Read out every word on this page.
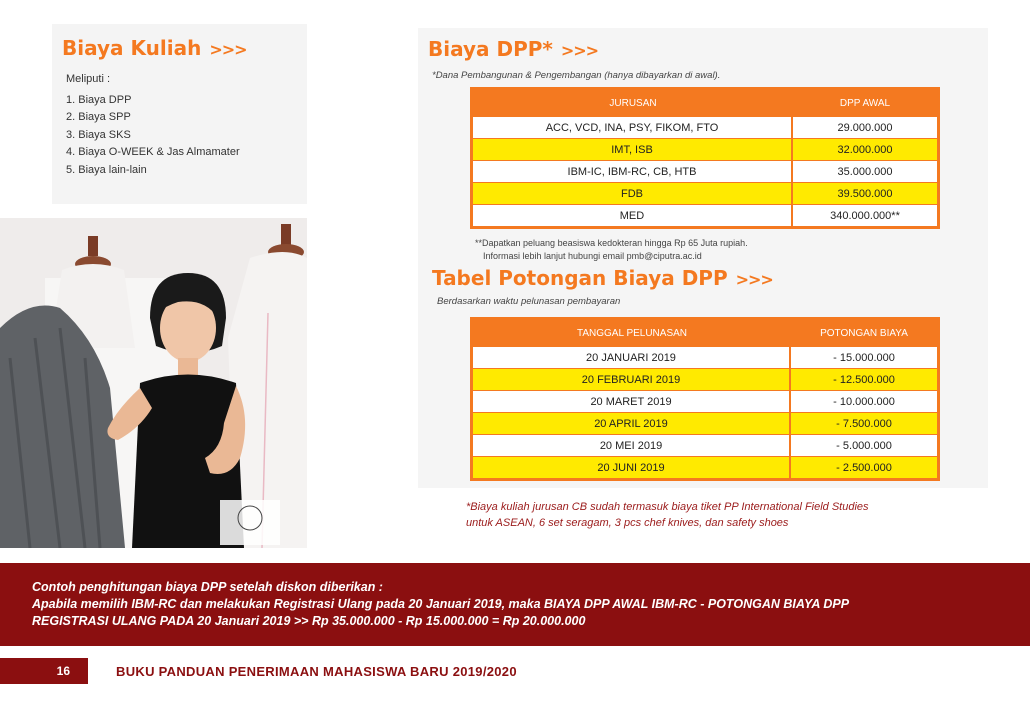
Biaya Kuliah >>>
Meliputi :
1. Biaya DPP
2. Biaya SPP
3. Biaya SKS
4. Biaya O-WEEK & Jas Almamater
5. Biaya lain-lain
Biaya DPP* >>>
*Dana Pembangunan & Pengembangan (hanya dibayarkan di awal).
JURUSAN	DPP AWAL
ACC, VCD, INA, PSY, FIKOM, FTO	29.000.000
IMT, ISB	32.000.000
IBM-IC, IBM-RC, CB, HTB	35.000.000
FDB	39.500.000
MED	340.000.000**
**Dapatkan peluang beasiswa kedokteran hingga Rp 65 Juta rupiah.
Informasi lebih lanjut hubungi email pmb@ciputra.ac.id
Tabel Potongan Biaya DPP >>>
Berdasarkan waktu pelunasan pembayaran
TANGGAL PELUNASAN	POTONGAN BIAYA
20 JANUARI 2019	- 15.000.000
20 FEBRUARI 2019	- 12.500.000
20 MARET 2019	- 10.000.000
20 APRIL 2019	- 7.500.000
20 MEI 2019	- 5.000.000
20 JUNI 2019	- 2.500.000
*Biaya kuliah jurusan CB sudah termasuk biaya tiket PP International Field Studies
untuk ASEAN, 6 set seragam, 3 pcs chef knives, dan safety shoes

Contoh penghitungan biaya DPP setelah diskon diberikan :

Apabila memilih IBM-RC dan melakukan Registrasi Ulang pada 20 Januari 2019, maka BIAYA DPP AWAL IBM-RC - POTONGAN BIAYA DPP

REGISTRASI ULANG PADA 20 Januari 2019 >> Rp 35.000.000 - Rp 15.000.000 = Rp 20.000.000

16	BUKU PANDUAN PENERIMAAN MAHASISWA BARU 2019/2020
